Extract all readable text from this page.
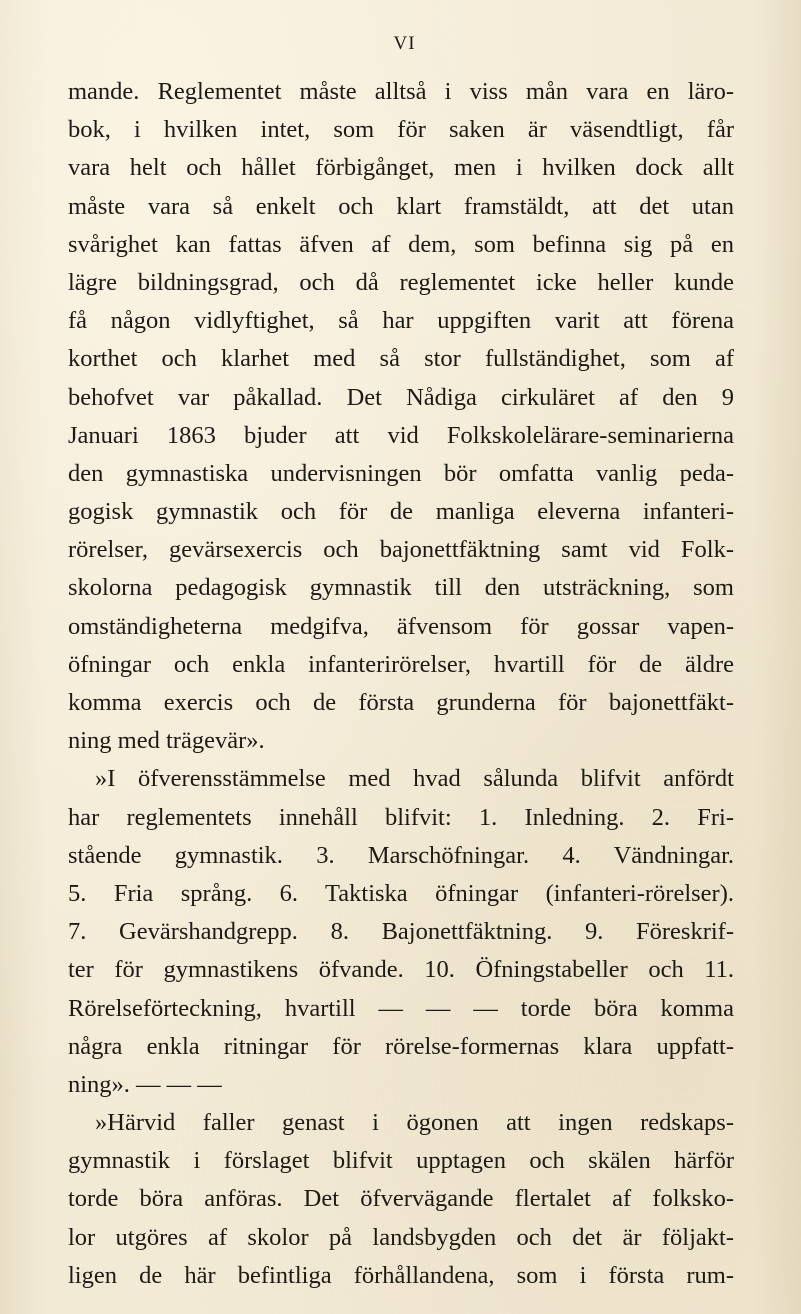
VI
mande. Reglementet måste alltså i viss mån vara en läro-
bok, i hvilken intet, som för saken är väsendtligt, får
vara helt och hållet förbigånget, men i hvilken dock allt
måste vara så enkelt och klart framstäldt, att det utan
svårighet kan fattas äfven af dem, som befinna sig på en
lägre bildningsgrad, och då reglementet icke heller kunde
få någon vidlyftighet, så har uppgiften varit att förena
korthet och klarhet med så stor fullständighet, som af
behofvet var påkallad. Det Nådiga cirkuläret af den 9
Januari 1863 bjuder att vid Folkskolelärare-seminarierna
den gymnastiska undervisningen bör omfatta vanlig peda-
gogisk gymnastik och för de manliga eleverna infanteri-
rörelser, gevärsexercis och bajonettfäktning samt vid Folk-
skolorna pedagogisk gymnastik till den utsträckning, som
omständigheterna medgifva, äfvensom för gossar vapen-
öfningar och enkla infanterirörelser, hvartill för de äldre
komma exercis och de första grunderna för bajonettfäkt-
ning med trägevär».
»I öfverensstämmelse med hvad sålunda blifvit anfördt
har reglementets innehåll blifvit: 1. Inledning. 2. Fri-
stående gymnastik. 3. Marschöfningar. 4. Vändningar.
5. Fria språng. 6. Taktiska öfningar (infanteri-rörelser).
7. Gevärshandgrepp. 8. Bajonettfäktning. 9. Föreskrif-
ter för gymnastikens öfvande. 10. Öfningstabeller och 11.
Rörelseförteckning, hvartill — — — torde böra komma
några enkla ritningar för rörelse-formernas klara uppfatt-
ning». — — —
»Härvid faller genast i ögonen att ingen redskaps-
gymnastik i förslaget blifvit upptagen och skälen härför
torde böra anföras. Det öfvervägande flertalet af folksko-
lor utgöres af skolor på landsbygden och det är följakt-
ligen de här befintliga förhållandena, som i första rum-
